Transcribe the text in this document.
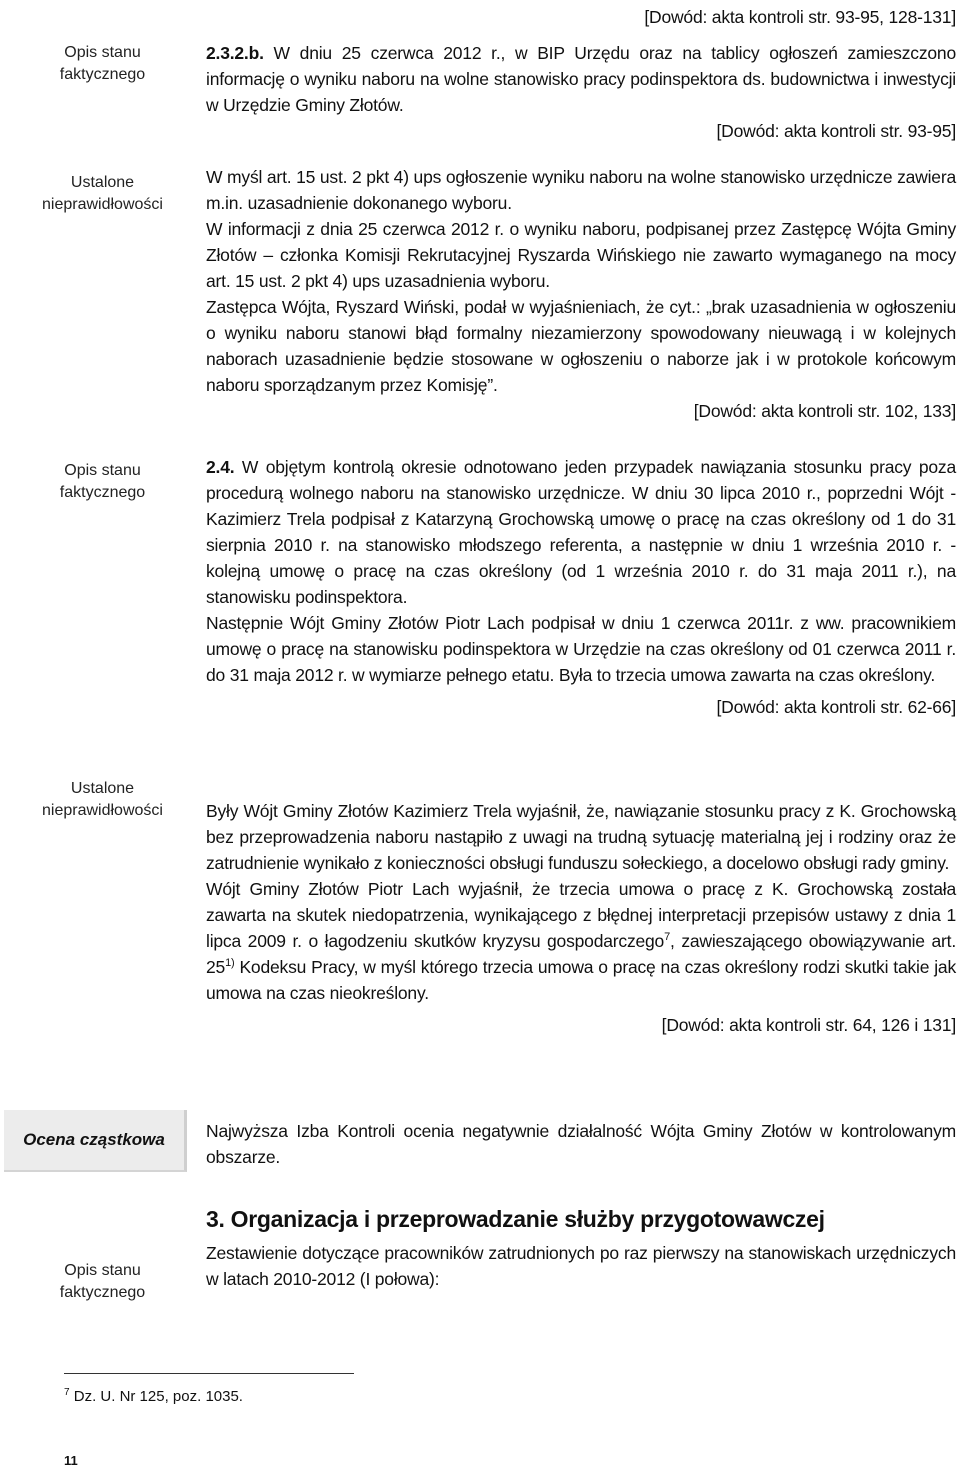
Opis stanu faktycznego
Ustalone nieprawidłowości
Opis stanu faktycznego
Ustalone nieprawidłowości
Ocena cząstkowa
Opis stanu faktycznego

[Dowód: akta kontroli str. 93-95, 128-131]

2.3.2.b. W dniu 25 czerwca 2012 r., w BIP Urzędu oraz na tablicy ogłoszeń zamieszczono informację o wyniku naboru na wolne stanowisko pracy podinspektora ds. budownictwa i inwestycji w Urzędzie Gminy Złotów.

[Dowód: akta kontroli str. 93-95]

W myśl art. 15 ust. 2 pkt 4) ups ogłoszenie wyniku naboru na wolne stanowisko urzędnicze zawiera m.in. uzasadnienie dokonanego wyboru.

W informacji z dnia 25 czerwca 2012 r. o wyniku naboru, podpisanej przez Zastępcę Wójta Gminy Złotów – członka Komisji Rekrutacyjnej Ryszarda Wińskiego nie zawarto wymaganego na mocy art. 15 ust. 2 pkt 4) ups uzasadnienia wyboru.

Zastępca Wójta, Ryszard Wiński, podał w wyjaśnieniach, że cyt.: „brak uzasadnienia w ogłoszeniu o wyniku naboru stanowi błąd formalny niezamierzony spowodowany nieuwagą i w kolejnych naborach uzasadnienie będzie stosowane w ogłoszeniu o naborze jak i w protokole końcowym naboru sporządzanym przez Komisję”.

[Dowód: akta kontroli str. 102, 133]

2.4. W objętym kontrolą okresie odnotowano jeden przypadek nawiązania stosunku pracy poza procedurą wolnego naboru na stanowisko urzędnicze. W dniu 30 lipca 2010 r., poprzedni Wójt - Kazimierz Trela podpisał z Katarzyną Grochowską umowę o pracę na czas określony od 1 do 31 sierpnia 2010 r. na stanowisko młodszego referenta, a następnie w dniu 1 września 2010 r. - kolejną umowę o pracę na czas określony (od 1 września 2010 r. do 31 maja 2011 r.), na stanowisku podinspektora.

Następnie Wójt Gminy Złotów Piotr Lach podpisał w dniu 1 czerwca 2011r. z ww. pracownikiem umowę o pracę na stanowisku podinspektora w Urzędzie na czas określony od 01 czerwca 2011 r. do 31 maja 2012 r. w wymiarze pełnego etatu. Była to trzecia umowa zawarta na czas określony.

[Dowód: akta kontroli str. 62-66]

Były Wójt Gminy Złotów Kazimierz Trela wyjaśnił, że, nawiązanie stosunku pracy z K. Grochowską bez przeprowadzenia naboru nastąpiło z uwagi na trudną sytuację materialną jej i rodziny oraz że zatrudnienie wynikało z konieczności obsługi funduszu sołeckiego, a docelowo obsługi rady gminy.

Wójt Gminy Złotów Piotr Lach wyjaśnił, że trzecia umowa o pracę z K. Grochowską została zawarta na skutek niedopatrzenia, wynikającego z błędnej interpretacji przepisów ustawy z dnia 1 lipca 2009 r. o łagodzeniu skutków kryzysu gospodarczego$^7$, zawieszającego obowiązywanie art. 25$^{1)}$ Kodeksu Pracy, w myśl którego trzecia umowa o pracę na czas określony rodzi skutki takie jak umowa na czas nieokreślony.

[Dowód: akta kontroli str. 64, 126 i 131]

Najwyższa Izba Kontroli ocenia negatywnie działalność Wójta Gminy Złotów w kontrolowanym obszarze.

3. Organizacja i przeprowadzanie służby przygotowawczej

Zestawienie dotyczące pracowników zatrudnionych po raz pierwszy na stanowiskach urzędniczych w latach 2010-2012 (I połowa):

$^7$ Dz. U. Nr 125, poz. 1035.
11
